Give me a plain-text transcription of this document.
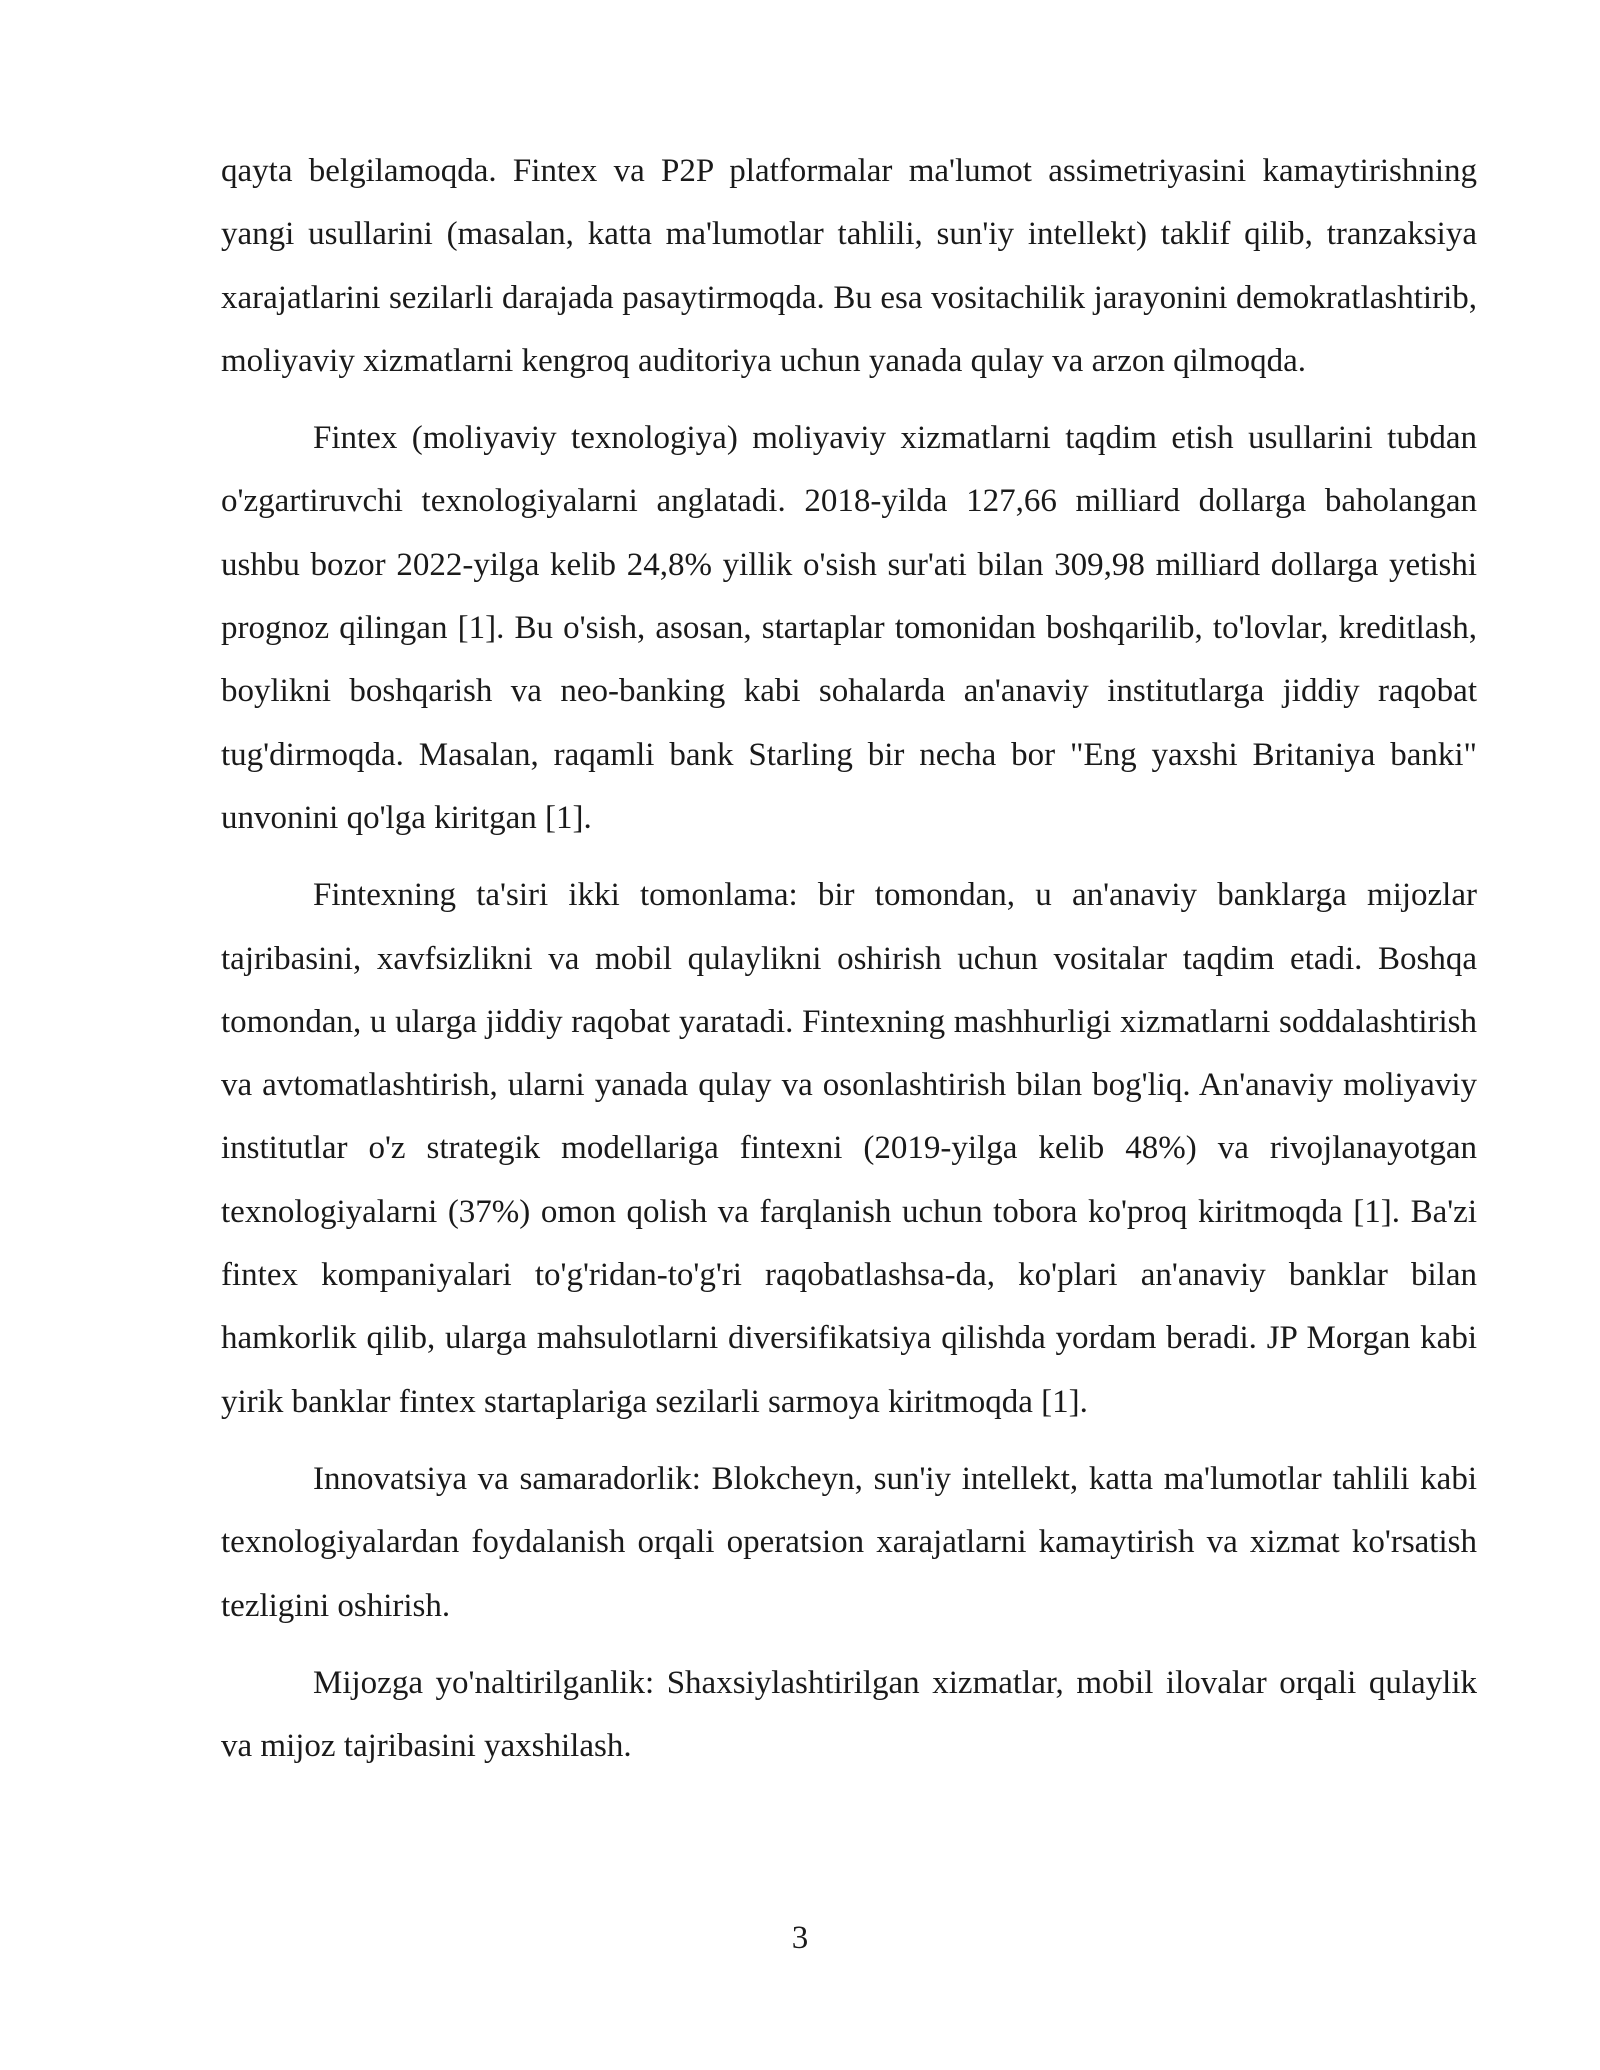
qayta belgilamoqda. Fintex va P2P platformalar ma'lumot assimetriyasini kamaytirishning yangi usullarini (masalan, katta ma'lumotlar tahlili, sun'iy intellekt) taklif qilib, tranzaksiya xarajatlarini sezilarli darajada pasaytirmoqda. Bu esa vositachilik jarayonini demokratlashtirib, moliyaviy xizmatlarni kengroq auditoriya uchun yanada qulay va arzon qilmoqda.

Fintex (moliyaviy texnologiya) moliyaviy xizmatlarni taqdim etish usullarini tubdan o'zgartiruvchi texnologiyalarni anglatadi. 2018-yilda 127,66 milliard dollarga baholangan ushbu bozor 2022-yilga kelib 24,8% yillik o'sish sur'ati bilan 309,98 milliard dollarga yetishi prognoz qilingan [1]. Bu o'sish, asosan, startaplar tomonidan boshqarilib, to'lovlar, kreditlash, boylikni boshqarish va neo-banking kabi sohalarda an'anaviy institutlarga jiddiy raqobat tug'dirmoqda. Masalan, raqamli bank Starling bir necha bor "Eng yaxshi Britaniya banki" unvonini qo'lga kiritgan [1].

Fintexning ta'siri ikki tomonlama: bir tomondan, u an'anaviy banklarga mijozlar tajribasini, xavfsizlikni va mobil qulaylikni oshirish uchun vositalar taqdim etadi. Boshqa tomondan, u ularga jiddiy raqobat yaratadi. Fintexning mashhurligi xizmatlarni soddalashtirish va avtomatlashtirish, ularni yanada qulay va osonlashtirish bilan bog'liq. An'anaviy moliyaviy institutlar o'z strategik modellariga fintexni (2019-yilga kelib 48%) va rivojlanayotgan texnologiyalarni (37%) omon qolish va farqlanish uchun tobora ko'proq kiritmoqda [1]. Ba'zi fintex kompaniyalari to'g'ridan-to'g'ri raqobatlashsa-da, ko'plari an'anaviy banklar bilan hamkorlik qilib, ularga mahsulotlarni diversifikatsiya qilishda yordam beradi. JP Morgan kabi yirik banklar fintex startaplariga sezilarli sarmoya kiritmoqda [1].

Innovatsiya va samaradorlik: Blokcheyn, sun'iy intellekt, katta ma'lumotlar tahlili kabi texnologiyalardan foydalanish orqali operatsion xarajatlarni kamaytirish va xizmat ko'rsatish tezligini oshirish.

Mijozga yo'naltirilganlik: Shaxsiylashtirilgan xizmatlar, mobil ilovalar orqali qulaylik va mijoz tajribasini yaxshilash.

3
